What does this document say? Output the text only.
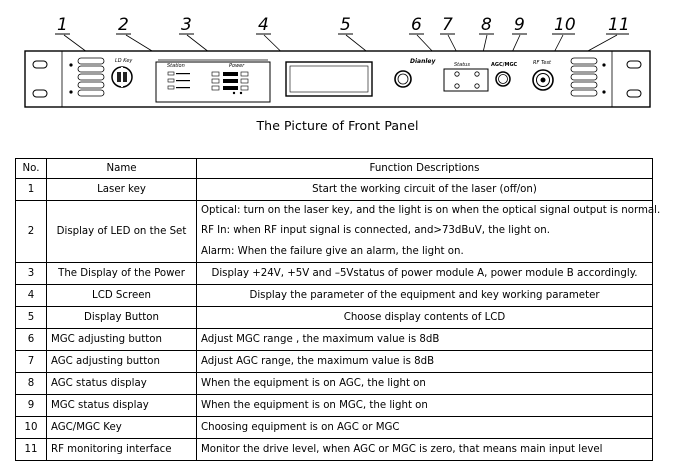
1	2	3	4	5	6 7 8 9 10 11
LD Key
Station	Power
Dianley	Status	AGC/MGC	RF Test
The Picture of Front Panel
No.	Name	Function Descriptions
1	Laser key	Start the working circuit of the laser (off/on)
2	Display of LED on the Set	Optical: turn on the laser key, and the light is on when the optical signal output is normal.
RF In: when RF input signal is connected, and>73dBuV, the light on.
Alarm: When the failure give an alarm, the light on.

3	The Display of the Power	Display +24V, +5V and –5Vstatus of power module A, power module B accordingly.
4	LCD Screen	Display the parameter of the equipment and key working parameter
5	Display Button	Choose display contents of LCD
6	MGC adjusting button	Adjust MGC range , the maximum value is 8dB
7	AGC adjusting button	Adjust AGC range, the maximum value is 8dB
8	AGC status display	When the equipment is on AGC, the light on
9	MGC status display	When the equipment is on MGC, the light on
10	AGC/MGC Key	Choosing equipment is on AGC or MGC
11	RF monitoring interface	Monitor the drive level, when AGC or MGC is zero, that means main input level
